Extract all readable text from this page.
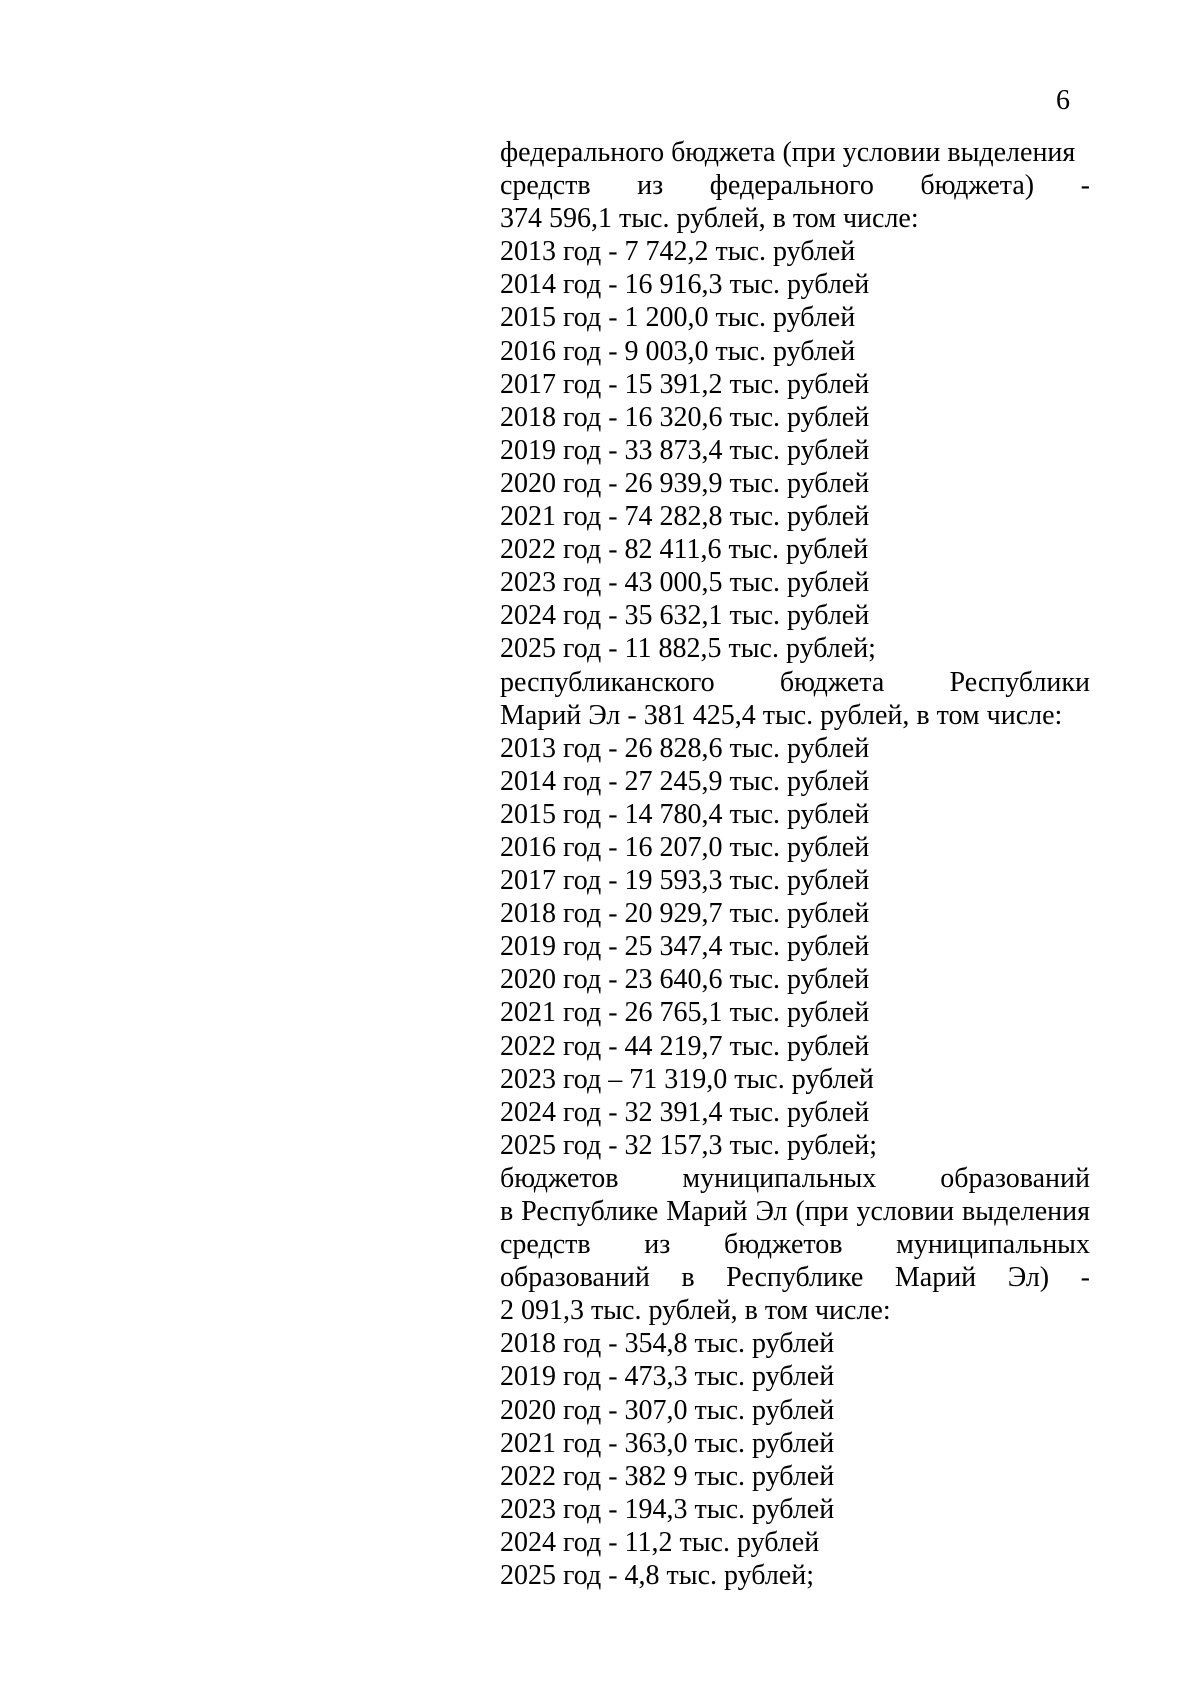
6
федерального бюджета (при условии выделения
средств из федерального бюджета) -
374 596,1 тыс. рублей, в том числе:
2013 год - 7 742,2 тыс. рублей
2014 год - 16 916,3 тыс. рублей
2015 год - 1 200,0 тыс. рублей
2016 год - 9 003,0 тыс. рублей
2017 год - 15 391,2 тыс. рублей
2018 год - 16 320,6 тыс. рублей
2019 год - 33 873,4 тыс. рублей
2020 год - 26 939,9 тыс. рублей
2021 год - 74 282,8 тыс. рублей
2022 год - 82 411,6 тыс. рублей
2023 год - 43 000,5 тыс. рублей
2024 год - 35 632,1 тыс. рублей
2025 год - 11 882,5 тыс. рублей;
республиканского бюджета Республики
Марий Эл - 381 425,4 тыс. рублей, в том числе:
2013 год - 26 828,6 тыс. рублей
2014 год - 27 245,9 тыс. рублей
2015 год - 14 780,4 тыс. рублей
2016 год - 16 207,0 тыс. рублей
2017 год - 19 593,3 тыс. рублей
2018 год - 20 929,7 тыс. рублей
2019 год - 25 347,4 тыс. рублей
2020 год - 23 640,6 тыс. рублей
2021 год - 26 765,1 тыс. рублей
2022 год - 44 219,7 тыс. рублей
2023 год – 71 319,0 тыс. рублей
2024 год - 32 391,4 тыс. рублей
2025 год - 32 157,3 тыс. рублей;
бюджетов муниципальных образований
в Республике Марий Эл (при условии выделения
средств из бюджетов муниципальных
образований в Республике Марий Эл) -
2 091,3 тыс. рублей, в том числе:
2018 год - 354,8 тыс. рублей
2019 год - 473,3 тыс. рублей
2020 год - 307,0 тыс. рублей
2021 год - 363,0 тыс. рублей
2022 год - 382 9 тыс. рублей
2023 год - 194,3 тыс. рублей
2024 год - 11,2 тыс. рублей
2025 год - 4,8 тыс. рублей;
